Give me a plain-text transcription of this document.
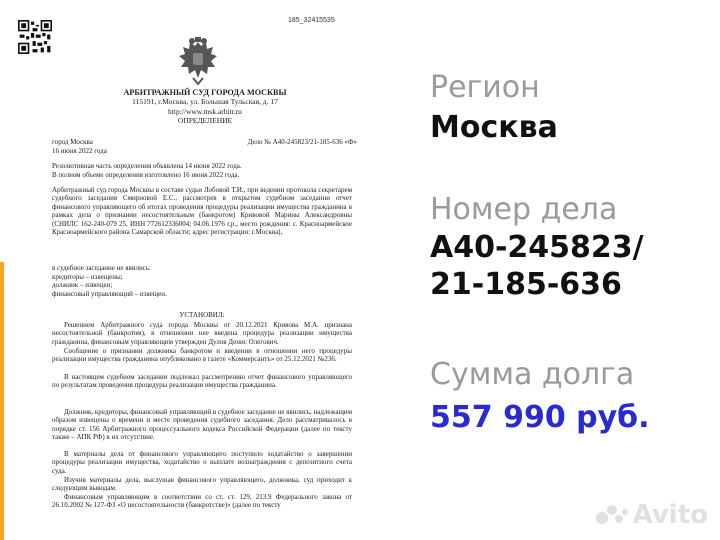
185_32415535
АРБИТРАЖНЫЙ СУД ГОРОДА МОСКВЫ
115191, г.Москва, ул. Большая Тульская, д. 17
http://www.msk.arbitr.ru
ОПРЕДЕЛЕНИЕ
город Москва	Дело № А40-245823/21-185-636 «Ф»
16 июня 2022 года
Резолютивная часть определения объявлена 14 июня 2022 года.
В полном объеме определения изготовлено 16 июня 2022 года.
Арбитражный суд города Москвы в составе судьи Лобовой Т.И., при ведении протокола секретарем судебного заседания Смирновой Е.С., рассмотрев в открытом судебном заседании отчет финансового управляющего об итогах проведения процедуры реализации имущества гражданина в рамках дела о признании несостоятельным (банкротом) Кривовой Марины Александровны (СНИЛС 162-240-079 25, ИНН 772612336004; 04.06.1976 г.р., место рождения: с. Красноармейское Красноармейского района Самарской области; адрес регистрации: г.Москва),
в судебное заседание не явились:
кредиторы – извещены;
должник – извещен;
финансовый управляющий – извещен.
УСТАНОВИЛ:
Решением Арбитражного суда города Москвы от 20.12.2021 Кривова М.А. признана несостоятельной (банкротом), в отношении нее введена процедура реализации имущества гражданина, финансовым управляющим утвержден Дулов Денис Олегович.
Сообщение о признании должника банкротом и введении в отношении него процедуры реализации имущества гражданина опубликовано в газете «Коммерсантъ» от 25.12.2021 №236.
В настоящем судебном заседании подлежал рассмотрению отчет финансового управляющего по результатам проведения процедуры реализации имущества гражданина.
Должник, кредиторы, финансовый управляющий в судебное заседание не явились, надлежащим образом извещены о времени и месте проведения судебного заседания. Дело рассматривалось в порядке ст. 156 Арбитражного процессуального кодекса Российской Федерации (далее по тексту также – АПК РФ) в их отсутствие.
В материалы дела от финансового управляющего поступило ходатайство о завершении процедуры реализации имущества, ходатайство о выплате вознаграждения с депозитного счета суда.
Изучив материалы дела, выслушав финансового управляющего, должника, суд приходит к следующим выводам.
Финансовым управляющим в соответствии со ст. ст. 129, 213.9 Федерального закона от 26.10.2002 № 127-ФЗ «О несостоятельности (банкротстве)» (далее по тексту
Регион
Москва
Номер дела
А40-245823/
21-185-636
Сумма долга
557 990 руб.
Avito
